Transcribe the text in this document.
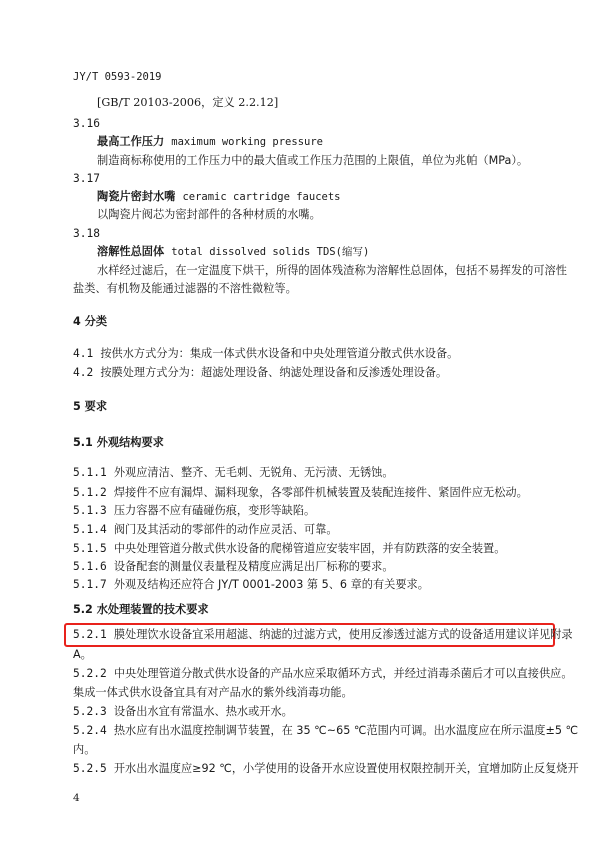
JY/T 0593-2019
[GB/T 20103-2006，定义 2.2.12]
3.16
最高工作压力 maximum working pressure
制造商标称使用的工作压力中的最大值或工作压力范围的上限值，单位为兆帕（MPa）。
3.17
陶瓷片密封水嘴 ceramic cartridge faucets
以陶瓷片阀芯为密封部件的各种材质的水嘴。
3.18
溶解性总固体 total dissolved solids TDS(缩写)
水样经过滤后，在一定温度下烘干，所得的固体残渣称为溶解性总固体，包括不易挥发的可溶性
盐类、有机物及能通过滤器的不溶性微粒等。
4 分类
4.1 按供水方式分为：集成一体式供水设备和中央处理管道分散式供水设备。
4.2 按膜处理方式分为：超滤处理设备、纳滤处理设备和反渗透处理设备。
5 要求
5.1 外观结构要求
5.1.1 外观应清洁、整齐、无毛刺、无锐角、无污渍、无锈蚀。
5.1.2 焊接件不应有漏焊、漏料现象，各零部件机械装置及装配连接件、紧固件应无松动。
5.1.3 压力容器不应有磕碰伤痕，变形等缺陷。
5.1.4 阀门及其活动的零部件的动作应灵活、可靠。
5.1.5 中央处理管道分散式供水设备的爬梯管道应安装牢固，并有防跌落的安全装置。
5.1.6 设备配套的测量仪表量程及精度应满足出厂标称的要求。
5.1.7 外观及结构还应符合 JY/T 0001-2003 第 5、6 章的有关要求。
5.2 水处理装置的技术要求
5.2.1 膜处理饮水设备宜采用超滤、纳滤的过滤方式，使用反渗透过滤方式的设备适用建议详见附录
A。
5.2.2 中央处理管道分散式供水设备的产品水应采取循环方式，并经过消毒杀菌后才可以直接供应。
集成一体式供水设备宜具有对产品水的紫外线消毒功能。
5.2.3 设备出水宜有常温水、热水或开水。
5.2.4 热水应有出水温度控制调节装置，在 35 ℃~65 ℃范围内可调。出水温度应在所示温度±5 ℃
内。
5.2.5 开水出水温度应≥92 ℃，小学使用的设备开水应设置使用权限控制开关，宜增加防止反复烧开
4
